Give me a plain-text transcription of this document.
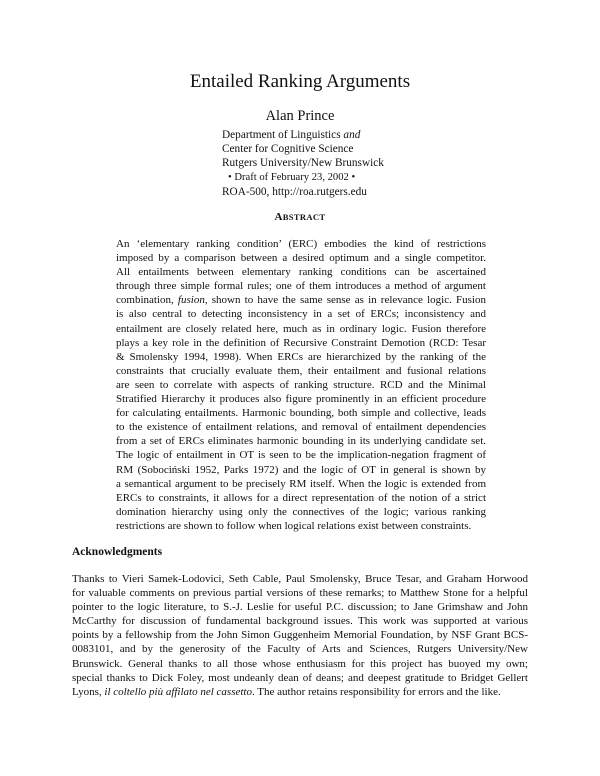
Entailed Ranking Arguments
Alan Prince
Department of Linguistics and
Center for Cognitive Science
Rutgers University/New Brunswick
• Draft of February 23, 2002 •
ROA-500, http://roa.rutgers.edu
ABSTRACT
An ‘elementary ranking condition’ (ERC) embodies the kind of restrictions
imposed by a comparison between a desired optimum and a single competitor.
All entailments between elementary ranking conditions can be ascertained
through three simple formal rules; one of them introduces a method of argument
combination, fusion, shown to have the same sense as in relevance logic. Fusion
is also central to detecting inconsistency in a set of ERCs; inconsistency and
entailment are closely related here, much as in ordinary logic. Fusion therefore
plays a key role in the definition of Recursive Constraint Demotion (RCD: Tesar
& Smolensky 1994, 1998). When ERCs are hierarchized by the ranking of the
constraints that crucially evaluate them, their entailment and fusional relations
are seen to correlate with aspects of ranking structure. RCD and the Minimal
Stratified Hierarchy it produces also figure prominently in an efficient procedure
for calculating entailments. Harmonic bounding, both simple and collective, leads
to the existence of entailment relations, and removal of entailment dependencies
from a set of ERCs eliminates harmonic bounding in its underlying candidate set.
The logic of entailment in OT is seen to be the implication-negation fragment of
RM (Sobociński 1952, Parks 1972) and the logic of OT in general is shown by
a semantical argument to be precisely RM itself. When the logic is extended from
ERCs to constraints, it allows for a direct representation of the notion of a strict
domination hierarchy using only the connectives of the logic; various ranking
restrictions are shown to follow when logical relations exist between constraints.
Acknowledgments
Thanks to Vieri Samek-Lodovici, Seth Cable, Paul Smolensky, Bruce Tesar, and Graham Horwood
for valuable comments on previous partial versions of these remarks; to Matthew Stone for a helpful
pointer to the logic literature, to S.-J. Leslie for useful P.C. discussion; to Jane Grimshaw and John
McCarthy for discussion of fundamental background issues. This work was supported at various
points by a fellowship from the John Simon Guggenheim Memorial Foundation, by NSF Grant BCS-
0083101, and by the generosity of the Faculty of Arts and Sciences, Rutgers University/New
Brunswick. General thanks to all those whose enthusiasm for this project has buoyed my own;
special thanks to Dick Foley, most undeanly dean of deans; and deepest gratitude to Bridget Gellert
Lyons, il coltello più affilato nel cassetto. The author retains responsibility for errors and the like.
